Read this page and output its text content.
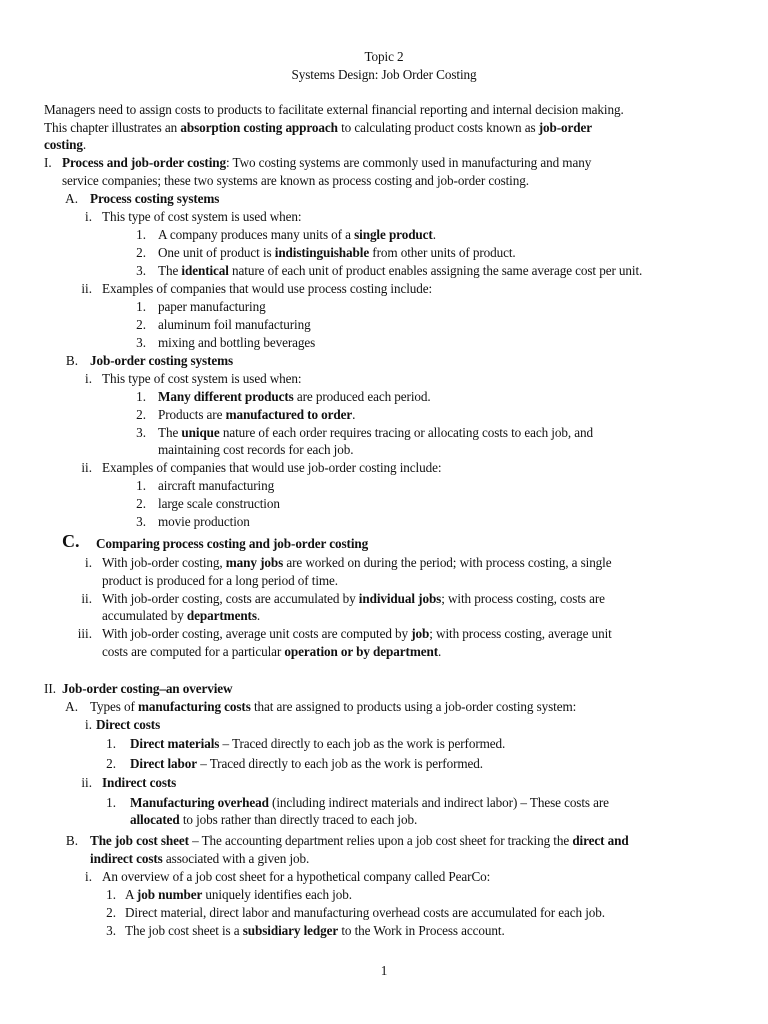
Topic 2
Systems Design: Job Order Costing
Managers need to assign costs to products to facilitate external financial reporting and internal decision making.
This chapter illustrates an absorption costing approach to calculating product costs known as job-order
costing.
I. Process and job-order costing: Two costing systems are commonly used in manufacturing and many
service companies; these two systems are known as process costing and job-order costing.
A. Process costing systems
i. This type of cost system is used when:
1. A company produces many units of a single product.
2. One unit of product is indistinguishable from other units of product.
3. The identical nature of each unit of product enables assigning the same average cost per unit.
ii. Examples of companies that would use process costing include:
1. paper manufacturing
2. aluminum foil manufacturing
3. mixing and bottling beverages
B. Job-order costing systems
i. This type of cost system is used when:
1. Many different products are produced each period.
2. Products are manufactured to order.
3. The unique nature of each order requires tracing or allocating costs to each job, and
maintaining cost records for each job.
ii. Examples of companies that would use job-order costing include:
1. aircraft manufacturing
2. large scale construction
3. movie production
C. Comparing process costing and job-order costing
i. With job-order costing, many jobs are worked on during the period; with process costing, a single
product is produced for a long period of time.
ii. With job-order costing, costs are accumulated by individual jobs; with process costing, costs are
accumulated by departments.
iii. With job-order costing, average unit costs are computed by job; with process costing, average unit
costs are computed for a particular operation or by department.
II. Job-order costing–an overview
A. Types of manufacturing costs that are assigned to products using a job-order costing system:
i. Direct costs
1. Direct materials – Traced directly to each job as the work is performed.
2. Direct labor – Traced directly to each job as the work is performed.
ii. Indirect costs
1. Manufacturing overhead (including indirect materials and indirect labor) – These costs are
allocated to jobs rather than directly traced to each job.
B. The job cost sheet – The accounting department relies upon a job cost sheet for tracking the direct and
indirect costs associated with a given job.
i. An overview of a job cost sheet for a hypothetical company called PearCo:
1. A job number uniquely identifies each job.
2. Direct material, direct labor and manufacturing overhead costs are accumulated for each job.
3. The job cost sheet is a subsidiary ledger to the Work in Process account.
1
